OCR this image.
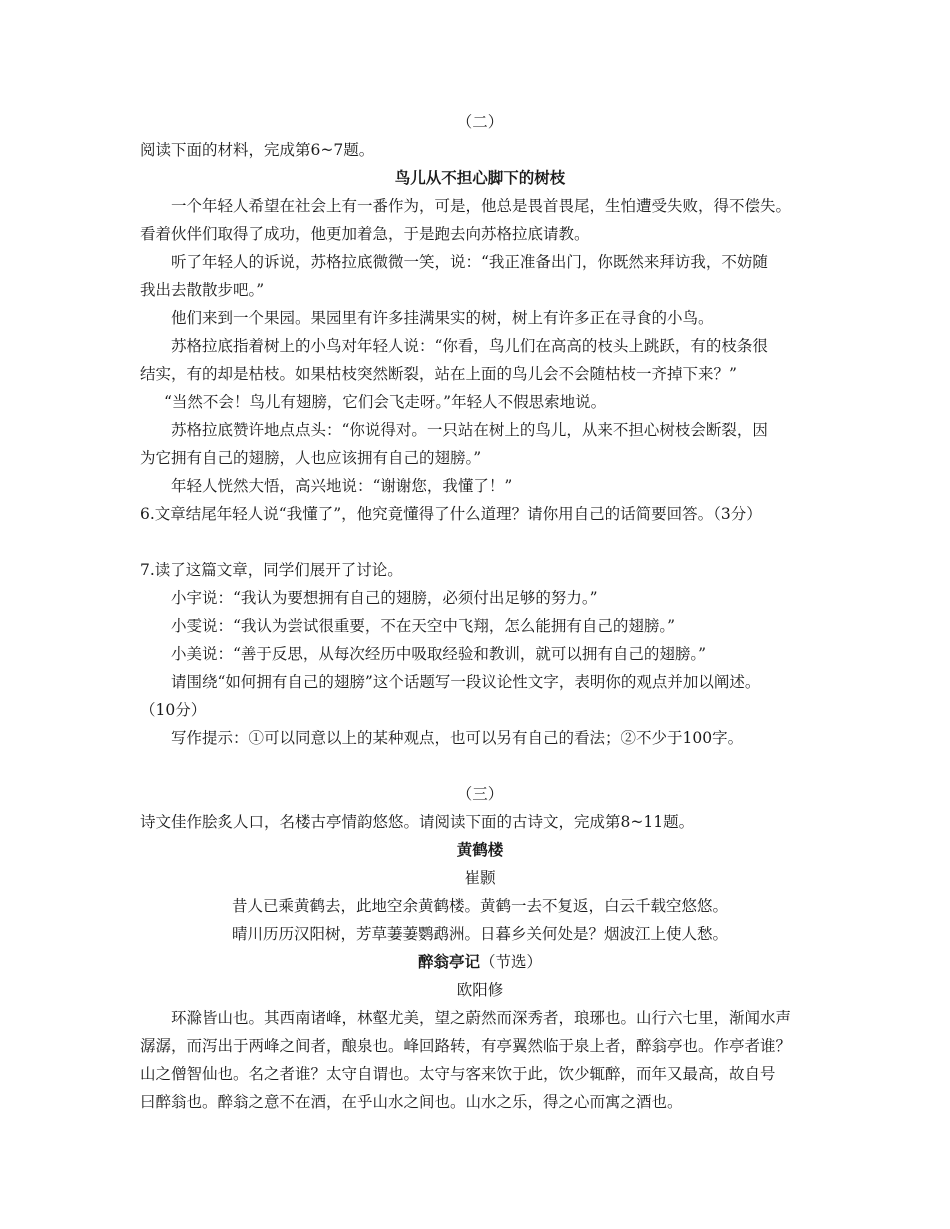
（二）
阅读下面的材料，完成第6~7题。
鸟儿从不担心脚下的树枝
一个年轻人希望在社会上有一番作为，可是，他总是畏首畏尾，生怕遭受失败，得不偿失。
看着伙伴们取得了成功，他更加着急，于是跑去向苏格拉底请教。
听了年轻人的诉说，苏格拉底微微一笑，说：“我正准备出门，你既然来拜访我，不妨随
我出去散散步吧。”
他们来到一个果园。果园里有许多挂满果实的树，树上有许多正在寻食的小鸟。
苏格拉底指着树上的小鸟对年轻人说：“你看，鸟儿们在高高的枝头上跳跃，有的枝条很
结实，有的却是枯枝。如果枯枝突然断裂，站在上面的鸟儿会不会随枯枝一齐掉下来？”
“当然不会！鸟儿有翅膀，它们会飞走呀。”年轻人不假思索地说。
苏格拉底赞许地点点头：“你说得对。一只站在树上的鸟儿，从来不担心树枝会断裂，因
为它拥有自己的翅膀，人也应该拥有自己的翅膀。”
年轻人恍然大悟，高兴地说：“谢谢您，我懂了！”
6.文章结尾年轻人说“我懂了”，他究竟懂得了什么道理？请你用自己的话简要回答。（3分）
7.读了这篇文章，同学们展开了讨论。
小宇说：“我认为要想拥有自己的翅膀，必须付出足够的努力。”
小雯说：“我认为尝试很重要，不在天空中飞翔，怎么能拥有自己的翅膀。”
小美说：“善于反思，从每次经历中吸取经验和教训，就可以拥有自己的翅膀。”
请围绕“如何拥有自己的翅膀”这个话题写一段议论性文字，表明你的观点并加以阐述。
（10分）
写作提示：①可以同意以上的某种观点，也可以另有自己的看法；②不少于100字。
（三）
诗文佳作脍炙人口，名楼古亭情韵悠悠。请阅读下面的古诗文，完成第8~11题。
黄鹤楼
崔颢
昔人已乘黄鹤去，此地空余黄鹤楼。黄鹤一去不复返，白云千载空悠悠。
晴川历历汉阳树，芳草萋萋鹦鹉洲。日暮乡关何处是？烟波江上使人愁。
醉翁亭记（节选）
欧阳修
环滁皆山也。其西南诸峰，林壑尤美，望之蔚然而深秀者，琅琊也。山行六七里，渐闻水声
潺潺，而泻出于两峰之间者，酿泉也。峰回路转，有亭翼然临于泉上者，醉翁亭也。作亭者谁？
山之僧智仙也。名之者谁？太守自谓也。太守与客来饮于此，饮少辄醉，而年又最高，故自号
曰醉翁也。醉翁之意不在酒，在乎山水之间也。山水之乐，得之心而寓之酒也。
